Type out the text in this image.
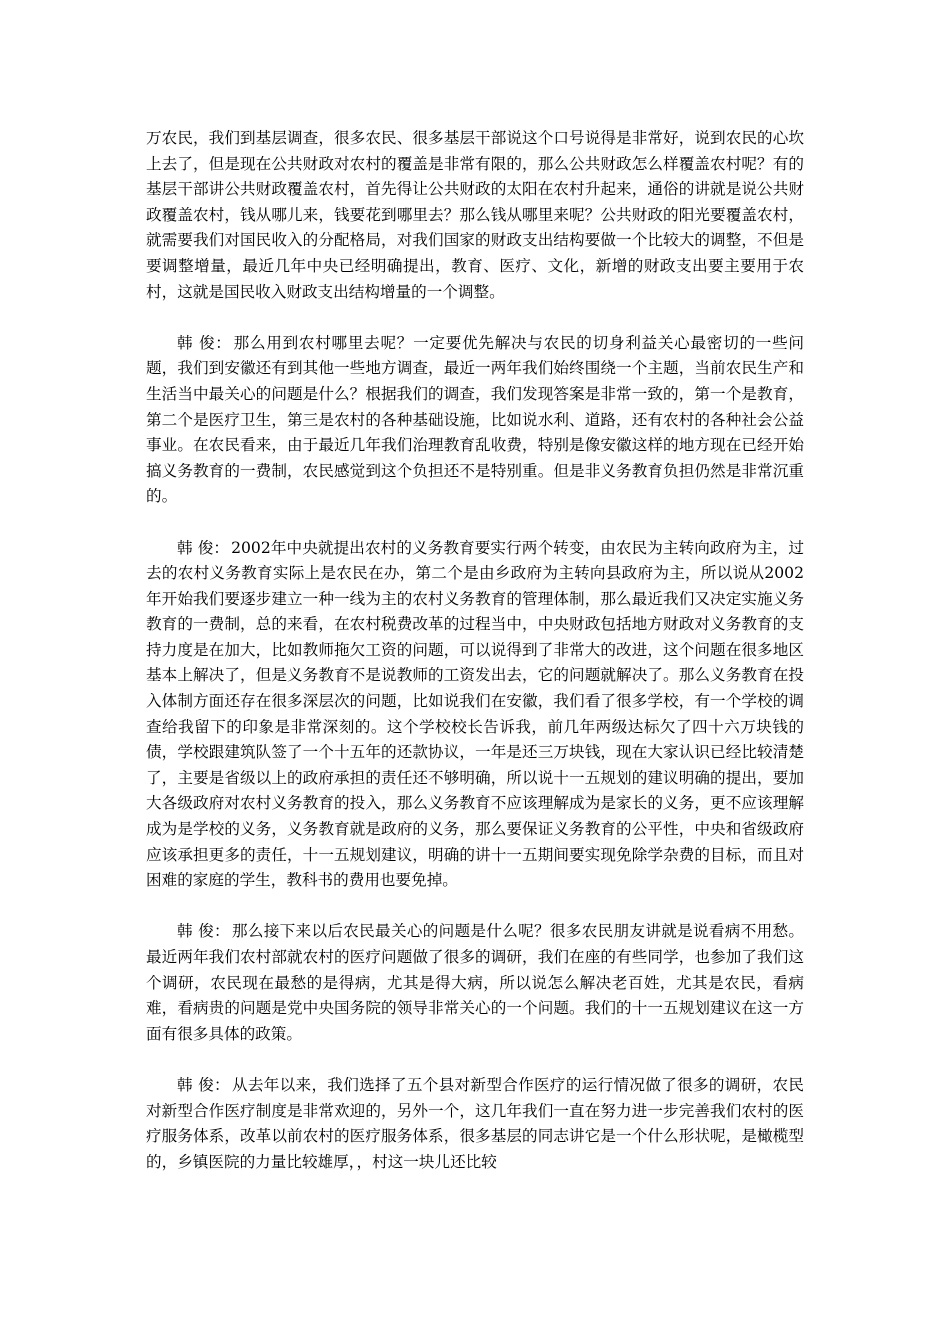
万农民，我们到基层调查，很多农民、很多基层干部说这个口号说得是非常好，说到农民的心坎上去了，但是现在公共财政对农村的覆盖是非常有限的，那么公共财政怎么样覆盖农村呢？有的基层干部讲公共财政覆盖农村，首先得让公共财政的太阳在农村升起来，通俗的讲就是说公共财政覆盖农村，钱从哪儿来，钱要花到哪里去？那么钱从哪里来呢？公共财政的阳光要覆盖农村，就需要我们对国民收入的分配格局，对我们国家的财政支出结构要做一个比较大的调整，不但是要调整增量，最近几年中央已经明确提出，教育、医疗、文化，新增的财政支出要主要用于农村，这就是国民收入财政支出结构增量的一个调整。

韩 俊： 那么用到农村哪里去呢？一定要优先解决与农民的切身利益关心最密切的一些问题，我们到安徽还有到其他一些地方调查，最近一两年我们始终围绕一个主题，当前农民生产和生活当中最关心的问题是什么？根据我们的调查，我们发现答案是非常一致的，第一个是教育，第二个是医疗卫生，第三是农村的各种基础设施，比如说水利、道路，还有农村的各种社会公益事业。在农民看来，由于最近几年我们治理教育乱收费，特别是像安徽这样的地方现在已经开始搞义务教育的一费制，农民感觉到这个负担还不是特别重。但是非义务教育负担仍然是非常沉重的。

韩 俊： 2002年中央就提出农村的义务教育要实行两个转变，由农民为主转向政府为主，过去的农村义务教育实际上是农民在办，第二个是由乡政府为主转向县政府为主，所以说从2002年开始我们要逐步建立一种一线为主的农村义务教育的管理体制，那么最近我们又决定实施义务教育的一费制，总的来看，在农村税费改革的过程当中，中央财政包括地方财政对义务教育的支持力度是在加大，比如教师拖欠工资的问题，可以说得到了非常大的改进，这个问题在很多地区基本上解决了，但是义务教育不是说教师的工资发出去，它的问题就解决了。那么义务教育在投入体制方面还存在很多深层次的问题，比如说我们在安徽，我们看了很多学校，有一个学校的调查给我留下的印象是非常深刻的。这个学校校长告诉我，前几年两级达标欠了四十六万块钱的债，学校跟建筑队签了一个十五年的还款协议，一年是还三万块钱，现在大家认识已经比较清楚了，主要是省级以上的政府承担的责任还不够明确，所以说十一五规划的建议明确的提出，要加大各级政府对农村义务教育的投入，那么义务教育不应该理解成为是家长的义务，更不应该理解成为是学校的义务，义务教育就是政府的义务，那么要保证义务教育的公平性，中央和省级政府应该承担更多的责任，十一五规划建议，明确的讲十一五期间要实现免除学杂费的目标，而且对困难的家庭的学生，教科书的费用也要免掉。

韩 俊： 那么接下来以后农民最关心的问题是什么呢？很多农民朋友讲就是说看病不用愁。最近两年我们农村部就农村的医疗问题做了很多的调研，我们在座的有些同学，也参加了我们这个调研，农民现在最愁的是得病，尤其是得大病，所以说怎么解决老百姓，尤其是农民，看病难，看病贵的问题是党中央国务院的领导非常关心的一个问题。我们的十一五规划建议在这一方面有很多具体的政策。

韩 俊： 从去年以来，我们选择了五个县对新型合作医疗的运行情况做了很多的调研，农民对新型合作医疗制度是非常欢迎的，另外一个，这几年我们一直在努力进一步完善我们农村的医疗服务体系，改革以前农村的医疗服务体系，很多基层的同志讲它是一个什么形状呢，是橄榄型的，乡镇医院的力量比较雄厚，，村这一块儿还比较
